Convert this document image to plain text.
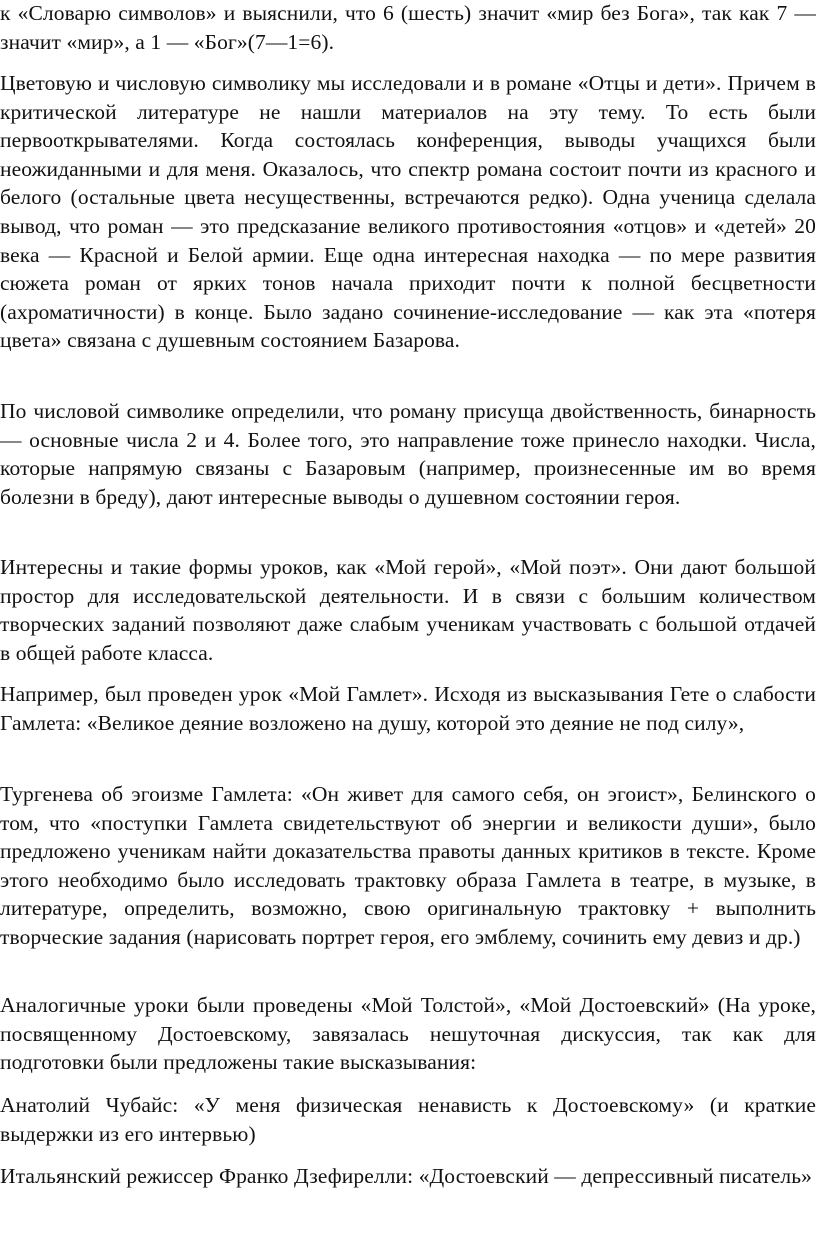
к «Словарю символов» и выяснили, что 6 (шесть) значит «мир без Бога», так как 7 — значит «мир», а 1 — «Бог»(7—1=6).

Цветовую и числовую символику мы исследовали и в романе «Отцы и дети». Причем в критической литературе не нашли материалов на эту тему. То есть были первооткрывателями. Когда состоялась конференция, выводы учащихся были неожиданными и для меня. Оказалось, что спектр романа состоит почти из красного и белого (остальные цвета несущественны, встречаются редко). Одна ученица сделала вывод, что роман — это предсказание великого противостояния «отцов» и «детей» 20 века — Красной и Белой армии. Еще одна интересная находка — по мере развития сюжета роман от ярких тонов начала приходит почти к полной бесцветности (ахроматичности) в конце. Было задано сочинение-исследование — как эта «потеря цвета» связана с душевным состоянием Базарова.

По числовой символике определили, что роману присуща двойственность, бинарность — основные числа 2 и 4. Более того, это направление тоже принесло находки. Числа, которые напрямую связаны с Базаровым (например, произнесенные им во время болезни в бреду), дают интересные выводы о душевном состоянии героя.

Интересны и такие формы уроков, как «Мой герой», «Мой поэт». Они дают большой простор для исследовательской деятельности. И в связи с большим количеством творческих заданий позволяют даже слабым ученикам участвовать с большой отдачей в общей работе класса.

Например, был проведен урок «Мой Гамлет». Исходя из высказывания Гете о слабости Гамлета: «Великое деяние возложено на душу, которой это деяние не под силу»,

Тургенева об эгоизме Гамлета: «Он живет для самого себя, он эгоист», Белинского о том, что «поступки Гамлета свидетельствуют об энергии и великости души», было предложено ученикам найти доказательства правоты данных критиков в тексте. Кроме этого необходимо было исследовать трактовку образа Гамлета в театре, в музыке, в литературе, определить, возможно, свою оригинальную трактовку + выполнить творческие задания (нарисовать портрет героя, его эмблему, сочинить ему девиз и др.)

Аналогичные уроки были проведены «Мой Толстой», «Мой Достоевский» (На уроке, посвященному Достоевскому, завязалась нешуточная дискуссия, так как для подготовки были предложены такие высказывания:

Анатолий Чубайс: «У меня физическая ненависть к Достоевскому» (и краткие выдержки из его интервью)

Итальянский режиссер Франко Дзефирелли: «Достоевский — депрессивный писатель»
